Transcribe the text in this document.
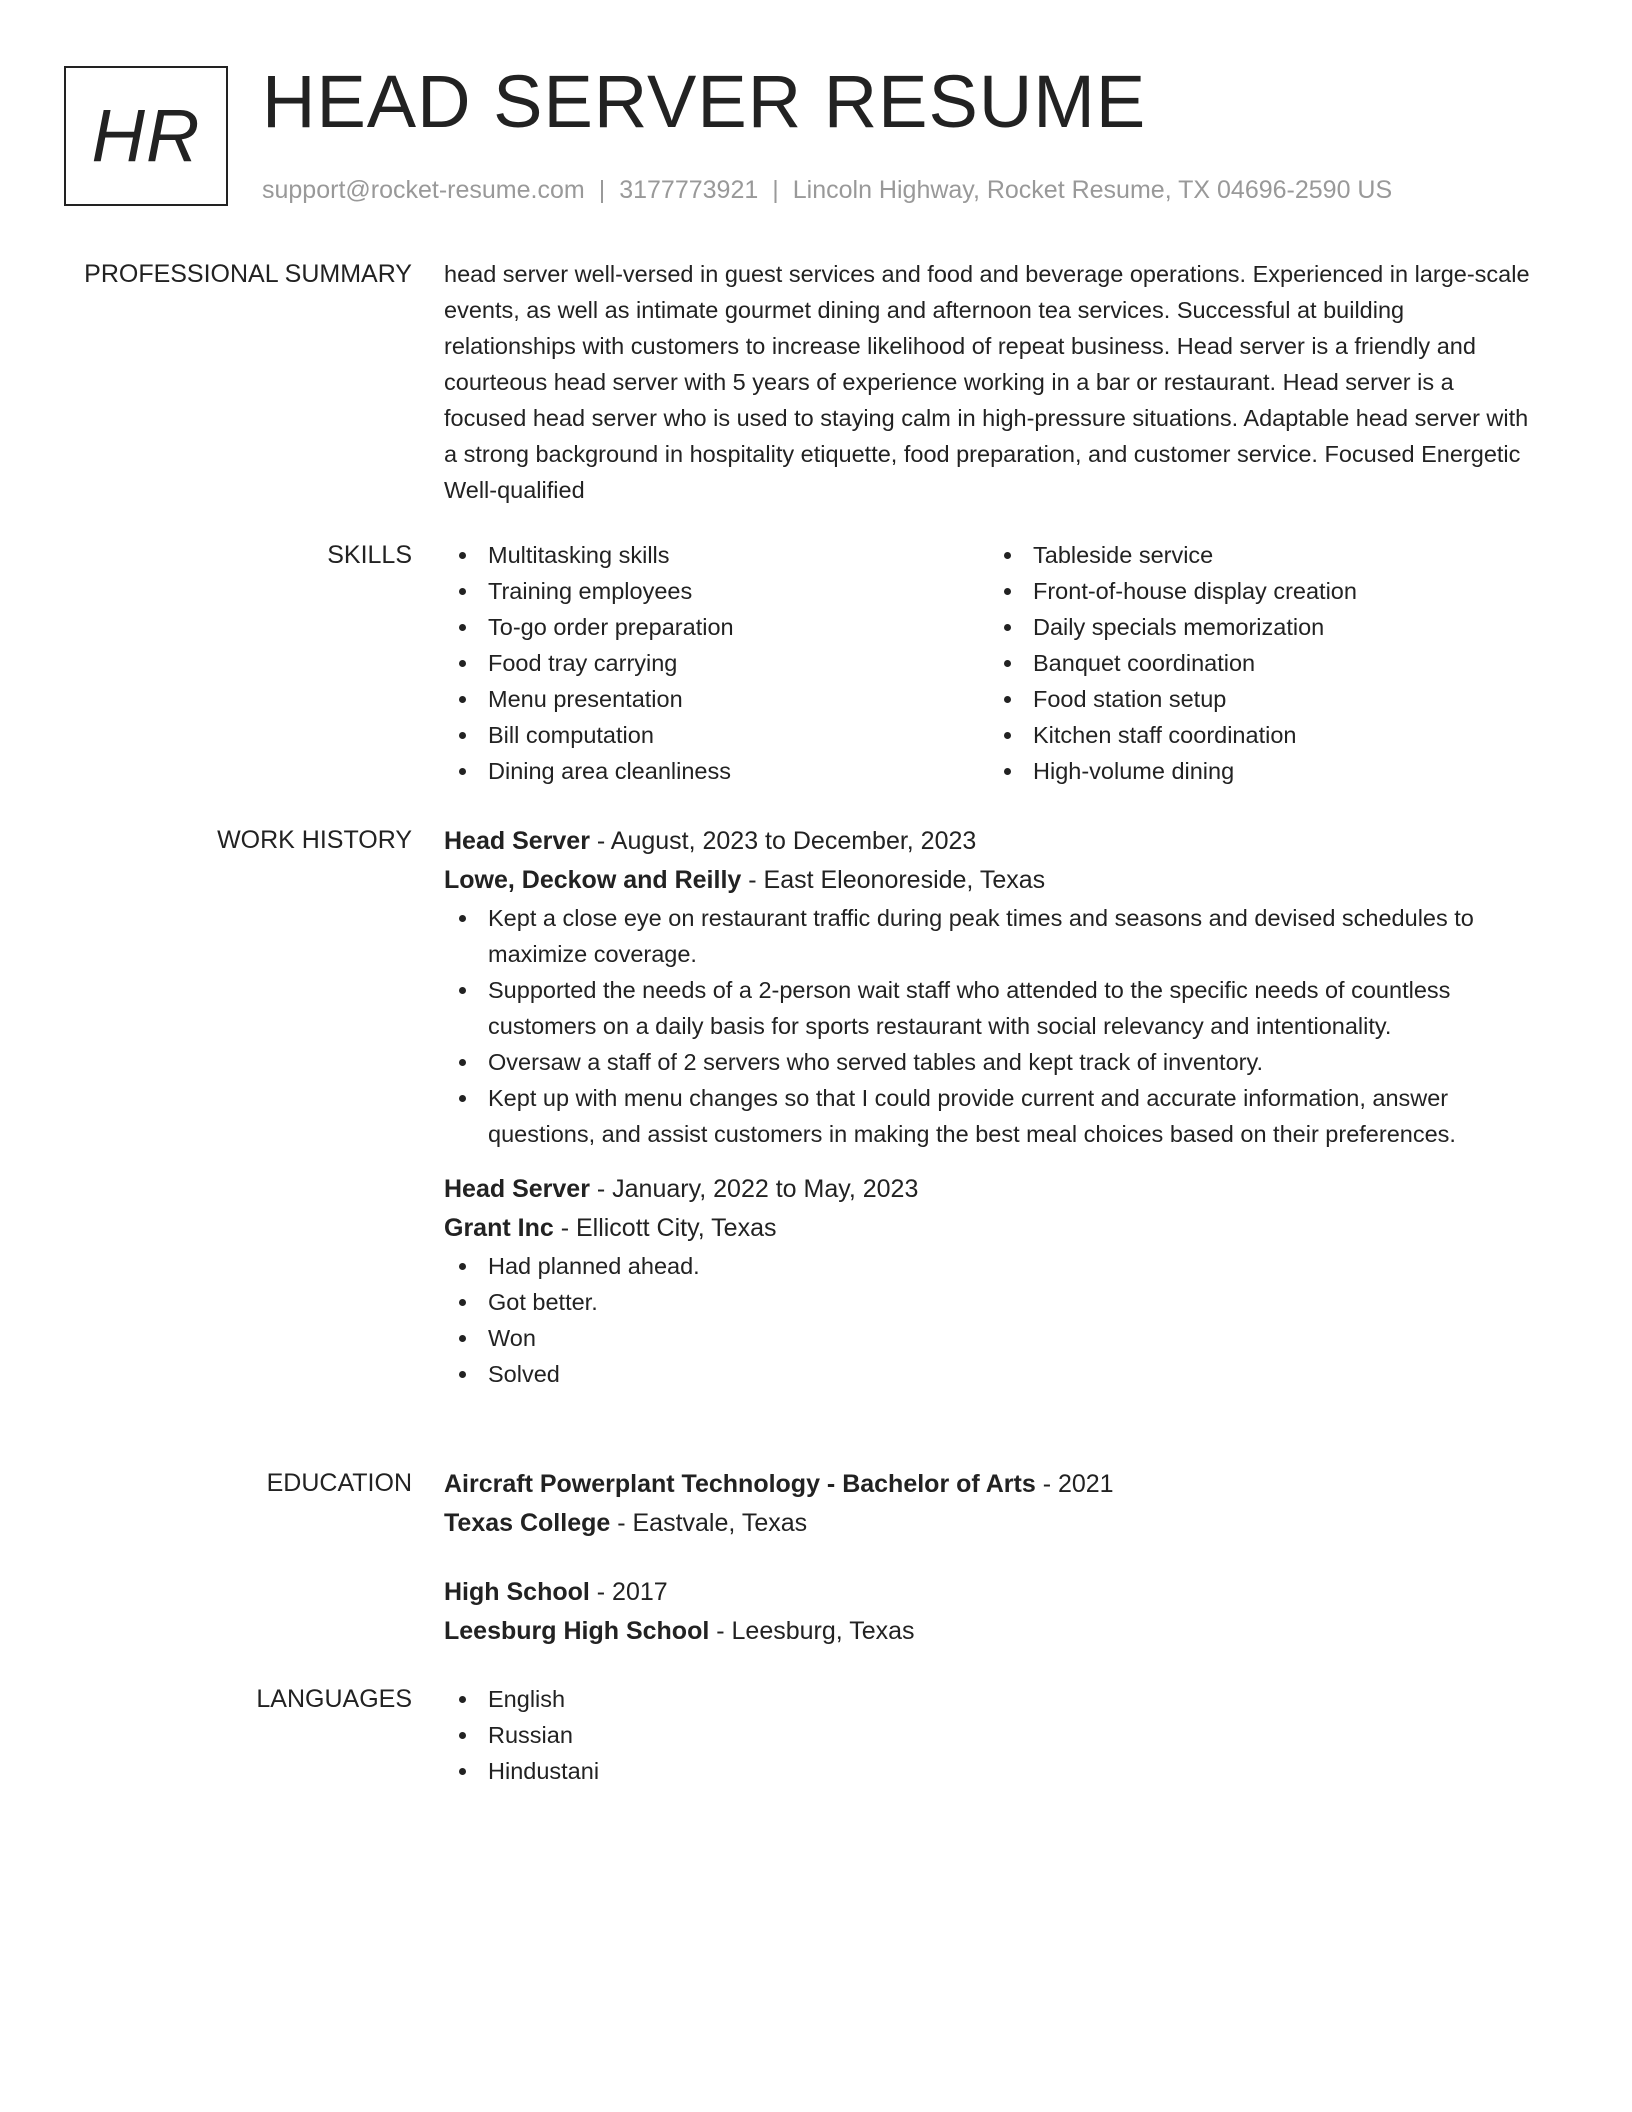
HR HEAD SERVER RESUME
support@rocket-resume.com | 3177773921 | Lincoln Highway, Rocket Resume, TX 04696-2590 US
PROFESSIONAL SUMMARY head server well-versed in guest services and food and beverage operations. Experienced in large-scale events, as well as intimate gourmet dining and afternoon tea services. Successful at building relationships with customers to increase likelihood of repeat business. Head server is a friendly and courteous head server with 5 years of experience working in a bar or restaurant. Head server is a focused head server who is used to staying calm in high-pressure situations. Adaptable head server with a strong background in hospitality etiquette, food preparation, and customer service. Focused Energetic Well-qualified

SKILLS	Multitasking skills
Training employees
To-go order preparation
Food tray carrying
Menu presentation
Bill computation
Dining area cleanliness
Tableside service
Front-of-house display creation
Daily specials memorization
Banquet coordination
Food station setup
Kitchen staff coordination
High-volume dining
WORK HISTORY Head Server - August, 2023 to December, 2023
Lowe, Deckow and Reilly - East Eleonoreside, Texas
Kept a close eye on restaurant traffic during peak times and seasons and devised schedules to maximize coverage.
Supported the needs of a 2-person wait staff who attended to the specific needs of countless customers on a daily basis for sports restaurant with social relevancy and intentionality.
Oversaw a staff of 2 servers who served tables and kept track of inventory.
Kept up with menu changes so that I could provide current and accurate information, answer questions, and assist customers in making the best meal choices based on their preferences.
Head Server - January, 2022 to May, 2023
Grant Inc - Ellicott City, Texas
Had planned ahead.
Got better.
Won
Solved
EDUCATION Aircraft Powerplant Technology - Bachelor of Arts - 2021
Texas College - Eastvale, Texas
High School - 2017
Leesburg High School - Leesburg, Texas
LANGUAGES	English
Russian
Hindustani
